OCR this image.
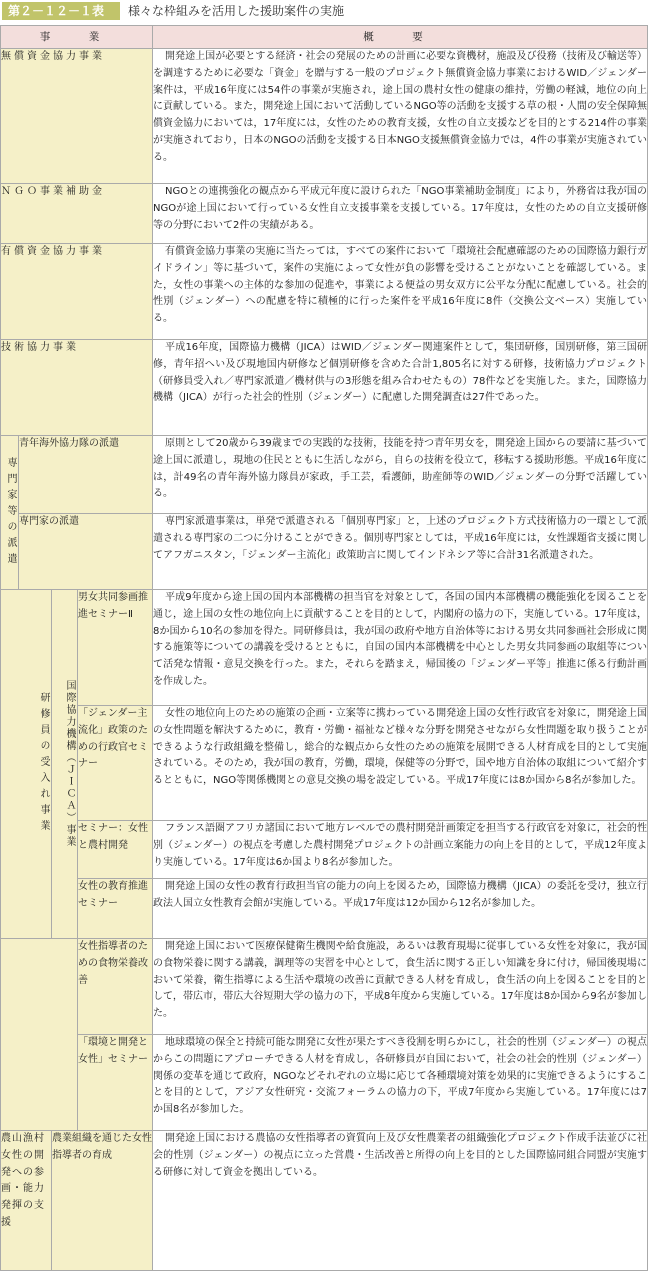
第２－１２－１表	様々な枠組みを活用した援助案件の実施
事　業				概　要
無償資金協力事業				開発途上国が必要とする経済・社会の発展のための計画に必要な資機材，施設及び役務（技術及び輸送等）を調達するために必要な「資金」を贈与する一般のプロジェクト無償資金協力事業におけるWID／ジェンダー案件は，平成16年度には54件の事業が実施され，途上国の農村女性の健康の維持，労働の軽減，地位の向上に貢献している。また，開発途上国において活動しているNGO等の活動を支援する草の根・人間の安全保障無償資金協力においては，17年度には，女性のための教育支援，女性の自立支援などを目的とする214件の事業が実施されており，日本のNGOの活動を支援する日本NGO支援無償資金協力では，4件の事業が実施されている。
ＮＧＯ事業補助金				NGOとの連携強化の観点から平成元年度に設けられた「NGO事業補助金制度」により，外務省は我が国のNGOが途上国において行っている女性自立支援事業を支援している。17年度は，女性のための自立支援研修等の分野において2件の実績がある。
有償資金協力事業				有償資金協力事業の実施に当たっては，すべての案件において「環境社会配慮確認のための国際協力銀行ガイドライン」等に基づいて，案件の実施によって女性が負の影響を受けることがないことを確認している。また，女性の事業への主体的な参加の促進や，事業による便益の男女双方に公平な分配に配慮している。社会的性別（ジェンダー）への配慮を特に積極的に行った案件を平成16年度に8件（交換公文ベース）実施している。
技術協力事業				平成16年度，国際協力機構（JICA）はWID／ジェンダー関連案件として，集団研修，国別研修，第三国研修，青年招へい及び現地国内研修など個別研修を含めた合計1,805名に対する研修，技術協力プロジェクト（研修員受入れ／専門家派遣／機材供与の3形態を組み合わせたもの）78件などを実施した。また，国際協力機構（JICA）が行った社会的性別（ジェンダー）に配慮した開発調査は27件であった。
専門家等の派遣	青年海外協力隊の派遣			原則として20歳から39歳までの実践的な技術，技能を持つ青年男女を，開発途上国からの要請に基づいて途上国に派遣し，現地の住民とともに生活しながら，自らの技術を役立て，移転する援助形態。平成16年度には，計49名の青年海外協力隊員が家政，手工芸，看護師，助産師等のWID／ジェンダーの分野で活躍している。
	専門家の派遣			専門家派遣事業は，単発で派遣される「個別専門家」と，上述のプロジェクト方式技術協力の一環として派遣される専門家の二つに分けることができる。個別専門家としては，平成16年度には，女性課題省支援に関してアフガニスタン，「ジェンダー主流化」政策助言に関してインドネシア等に合計31名派遣された。
研修員の受入れ事業		国際協力機構（ＪＩＣＡ）事業	男女共同参画推進セミナーⅡ	平成9年度から途上国の国内本部機構の担当官を対象として，各国の国内本部機構の機能強化を図ることを通じ，途上国の女性の地位向上に貢献することを目的として，内閣府の協力の下，実施している。17年度は，8か国から10名の参加を得た。同研修員は，我が国の政府や地方自治体等における男女共同参画社会形成に関する施策等についての講義を受けるとともに，自国の国内本部機構を中心とした男女共同参画の取組等について活発な情報・意見交換を行った。また，それらを踏まえ，帰国後の「ジェンダー平等」推進に係る行動計画を作成した。
			「ジェンダー主流化」政策のための行政官セミナー	女性の地位向上のための施策の企画・立案等に携わっている開発途上国の女性行政官を対象に，開発途上国の女性問題を解決するために，教育・労働・福祉など様々な分野を開発させながら女性問題を取り扱うことができるような行政組織を整備し，総合的な観点から女性のための施策を展開できる人材育成を目的として実施されている。そのため，我が国の教育，労働，環境，保健等の分野で，国や地方自治体の取組について紹介するとともに，NGO等関係機関との意見交換の場を設定している。平成17年度には8か国から8名が参加した。
			セミナー：女性と農村開発	フランス語圏アフリカ諸国において地方レベルでの農村開発計画策定を担当する行政官を対象に，社会的性別（ジェンダー）の視点を考慮した農村開発プロジェクトの計画立案能力の向上を目的として，平成12年度より実施している。17年度は6か国より8名が参加した。
			女性の教育推進セミナー	開発途上国の女性の教育行政担当官の能力の向上を図るため，国際協力機構（JICA）の委託を受け，独立行政法人国立女性教育会館が実施している。平成17年度は12か国から12名が参加した。
			女性指導者のための食物栄養改善	開発途上国において医療保健衛生機関や給食施設，あるいは教育現場に従事している女性を対象に，我が国の食物栄養に関する講義，調理等の実習を中心として，食生活に関する正しい知識を身に付け，帰国後現場において栄養，衛生指導による生活や環境の改善に貢献できる人材を育成し，食生活の向上を図ることを目的として，帯広市，帯広大谷短期大学の協力の下，平成8年度から実施している。17年度は8か国から9名が参加した。
			「環境と開発と女性」セミナー	地球環境の保全と持続可能な開発に女性が果たすべき役割を明らかにし，社会的性別（ジェンダー）の視点からこの問題にアプローチできる人材を育成し，各研修員が自国において，社会の社会的性別（ジェンダー）関係の変革を通じて政府，NGOなどそれぞれの立場に応じて各種環境対策を効果的に実施できるようにすることを目的として，アジア女性研究・交流フォーラムの協力の下，平成7年度から実施している。17年度には7か国8名が参加した。
農山漁村女性の開発への参画・能力発揮の支援		農業組織を通じた女性指導者の育成		開発途上国における農協の女性指導者の資質向上及び女性農業者の組織強化プロジェクト作成手法並びに社会的性別（ジェンダー）の視点に立った営農・生活改善と所得の向上を目的とした国際協同組合同盟が実施する研修に対して資金を拠出している。
